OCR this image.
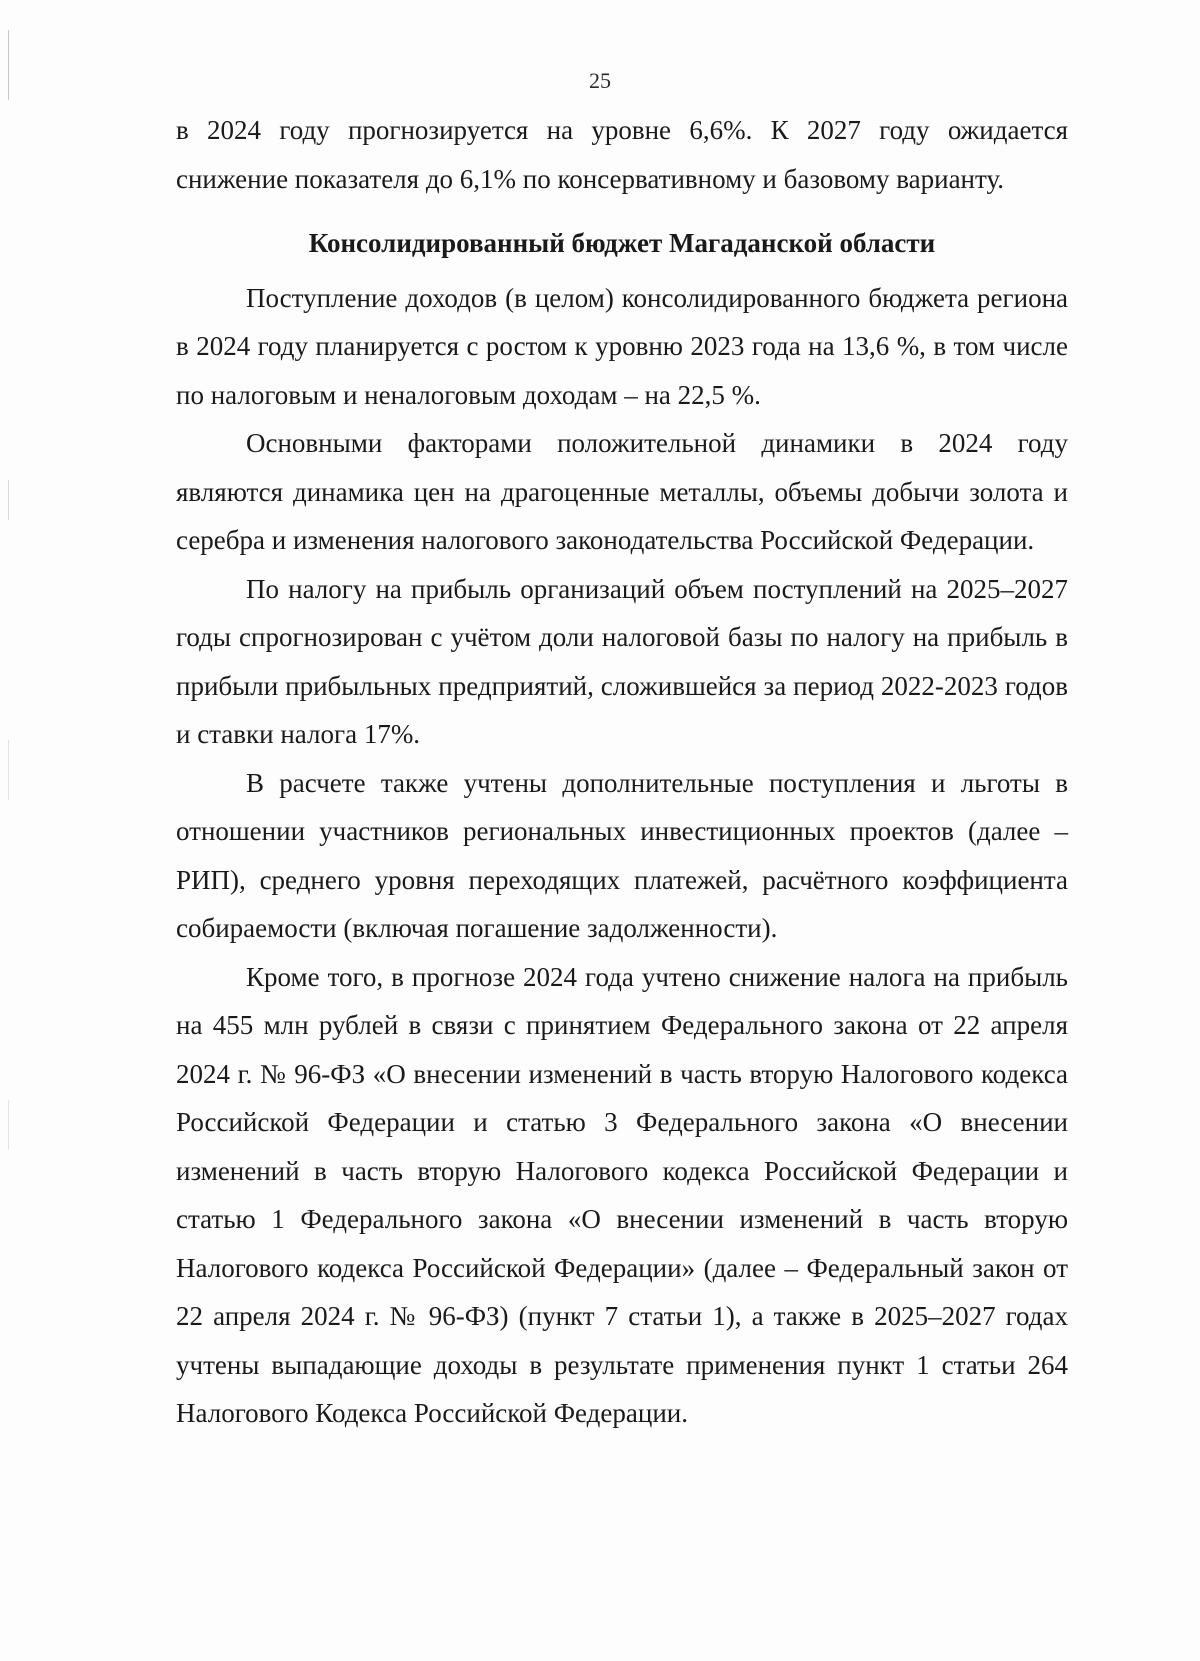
25

в 2024 году прогнозируется на уровне 6,6%. К 2027 году ожидается снижение показателя до 6,1% по консервативному и базовому варианту.

Консолидированный бюджет Магаданской области

Поступление доходов (в целом) консолидированного бюджета региона в 2024 году планируется с ростом к уровню 2023 года на 13,6 %, в том числе по налоговым и неналоговым доходам – на 22,5 %.

Основными факторами положительной динамики в 2024 году являются динамика цен на драгоценные металлы, объемы добычи золота и серебра и изменения налогового законодательства Российской Федерации.

По налогу на прибыль организаций объем поступлений на 2025–2027 годы спрогнозирован с учётом доли налоговой базы по налогу на прибыль в прибыли прибыльных предприятий, сложившейся за период 2022-2023 годов и ставки налога 17%.

В расчете также учтены дополнительные поступления и льготы в отношении участников региональных инвестиционных проектов (далее – РИП), среднего уровня переходящих платежей, расчётного коэффициента собираемости (включая погашение задолженности).

Кроме того, в прогнозе 2024 года учтено снижение налога на прибыль на 455 млн рублей в связи с принятием Федерального закона от 22 апреля 2024 г. № 96-ФЗ «О внесении изменений в часть вторую Налогового кодекса Российской Федерации и статью 3 Федерального закона «О внесении изменений в часть вторую Налогового кодекса Российской Федерации и статью 1 Федерального закона «О внесении изменений в часть вторую Налогового кодекса Российской Федерации» (далее – Федеральный закон от 22 апреля 2024 г. № 96-ФЗ) (пункт 7 статьи 1), а также в 2025–2027 годах учтены выпадающие доходы в результате применения пункт 1 статьи 264 Налогового Кодекса Российской Федерации.
